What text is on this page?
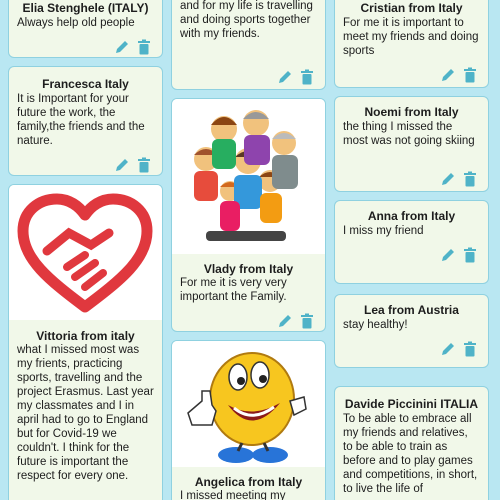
Elia Stenghele (ITALY)
Always help old people
Francesca Italy
It is Important for your future the work, the family,the friends and the nature.
Vittoria from italy
what I missed most was my frients, practicing sports, travelling and the project Erasmus. Last year my classmates and I in april had to go to England but for Covid-19 we couldn't. I think for the future is important the respect for every one.
and for my life is travelling and doing sports together with my friends.
Vlady from Italy
For me it is very very important the Family.
Angelica from Italy
I missed meeting my
Cristian from Italy
For me it is important to meet my friends and doing sports
Noemi from Italy
the thing I missed the most was not going skiing
Anna from Italy
I miss my friend
Lea from Austria
stay healthy!
Davide Piccinini ITALIA
To be able to embrace all my friends and relatives, to be able to train as before and to play games and competitions, in short, to live the life of
